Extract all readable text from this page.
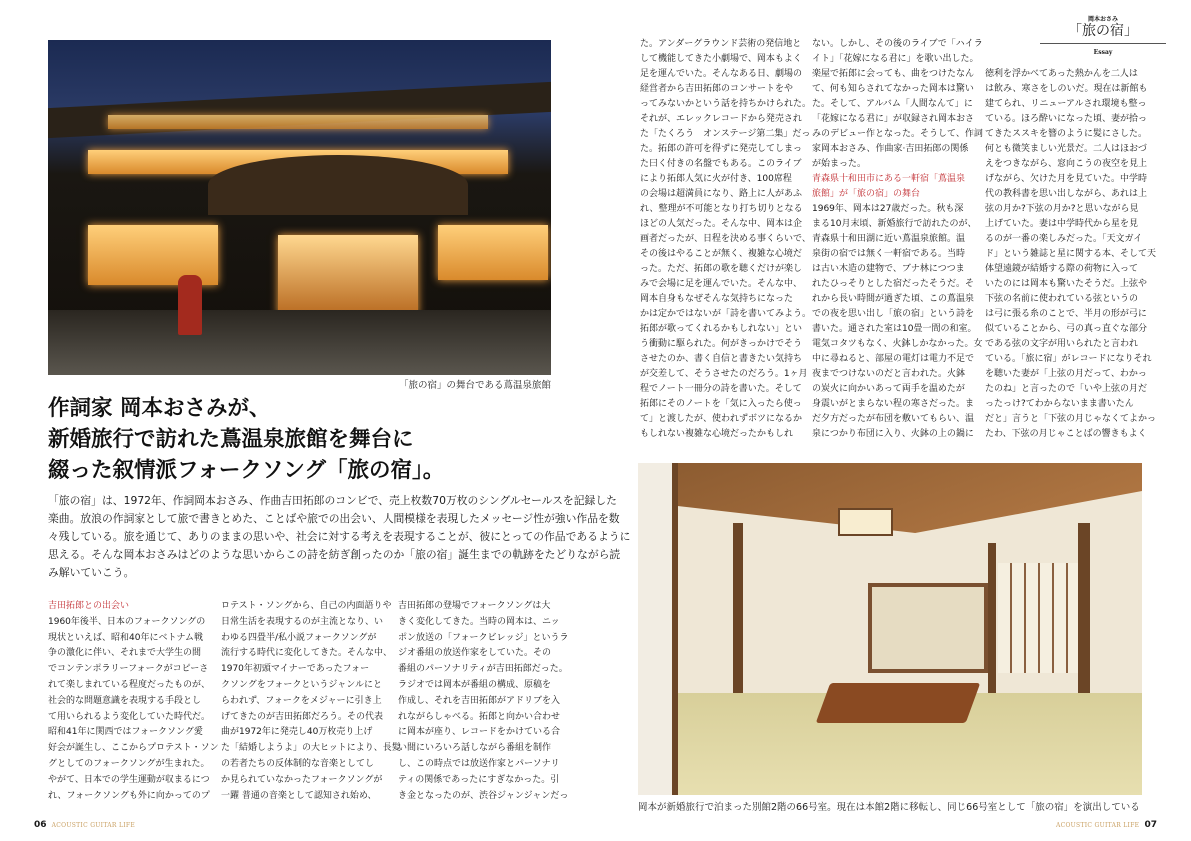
岡本おさみ
「旅の宿」
Essay
「旅の宿」の舞台である蔦温泉旅館
作詞家 岡本おさみが、
新婚旅行で訪れた蔦温泉旅館を舞台に
綴った叙情派フォークソング「旅の宿」。
「旅の宿」は、1972年、作詞岡本おさみ、作曲吉田拓郎のコンビで、売上枚数70万枚のシングルセールスを記録した
楽曲。放浪の作詞家として旅で書きとめた、ことばや旅での出会い、人間模様を表現したメッセージ性が強い作品を数
々残している。旅を通じて、ありのままの思いや、社会に対する考えを表現することが、彼にとっての作品であるように
思える。そんな岡本おさみはどのような思いからこの詩を紡ぎ創ったのか「旅の宿」誕生までの軌跡をたどりながら読
み解いていこう。
吉田拓郎との出会い
1960年後半、日本のフォークソングの
現状といえば、昭和40年にベトナム戦
争の激化に伴い、それまで大学生の間
でコンテンポラリーフォークがコピーさ
れて楽しまれている程度だったものが、
社会的な問題意識を表現する手段とし
て用いられるよう変化していた時代だ。
昭和41年に関西ではフォークソング愛
好会が誕生し、ここからプロテスト・ソン
グとしてのフォークソングが生まれた。
やがて、日本での学生運動が収まるにつ
れ、フォークソングも外に向かってのプ
ロテスト・ソングから、自己の内面語りや
日常生活を表現するのが主流となり、い
わゆる四畳半/私小説フォークソングが
流行する時代に変化してきた。そんな中、
1970年初頭マイナーであったフォー
クソングをフォークというジャンルにと
らわれず、フォークをメジャーに引き上
げてきたのが吉田拓郎だろう。その代表
曲が1972年に発売し40万枚売り上げ
た「結婚しようよ」の大ヒットにより、長髪
の若者たちの反体制的な音楽としてし
か見られていなかったフォークソングが
一躍 普通の音楽として認知され始め、
吉田拓郎の登場でフォークソングは大
きく変化してきた。当時の岡本は、ニッ
ポン放送の「フォークビレッジ」というラ
ジオ番組の放送作家をしていた。その
番組のパーソナリティが吉田拓郎だった。
ラジオでは岡本が番組の構成、原稿を
作成し、それを吉田拓郎がアドリブを入
れながらしゃべる。拓郎と向かい合わせ
に岡本が座り、レコードをかけている合
い間にいろいろ話しながら番組を制作
し、この時点では放送作家とパーソナリ
ティの関係であったにすぎなかった。引
き金となったのが、渋谷ジャンジャンだっ
06 ACOUSTIC GUITAR LIFE
た。アンダーグラウンド芸術の発信地と
して機能してきた小劇場で、岡本もよく
足を運んでいた。そんなある日、劇場の
経営者から吉田拓郎のコンサートをや
ってみないかという話を持ちかけられた。
それが、エレックレコードから発売され
た「たくろう　オンステージ第二集」だっ
た。拓郎の許可を得ずに発売してしまっ
た曰く付きの名盤でもある。このライブ
により拓郎人気に火が付き、100席程
の会場は超満員になり、路上に人があふ
れ、整理が不可能となり打ち切りとなる
ほどの人気だった。そんな中、岡本は企
画者だったが、日程を決める事くらいで、
その後はやることが無く、複雑な心境だ
った。ただ、拓郎の歌を聴くだけが楽し
みで会場に足を運んでいた。そんな中、
岡本自身もなぜそんな気持ちになった
かは定かではないが「詩を書いてみよう。
拓郎が歌ってくれるかもしれない」とい
う衝動に駆られた。何がきっかけでそう
させたのか、書く自信と書きたい気持ち
が交差して、そうさせたのだろう。1ヶ月
程でノート一冊分の詩を書いた。そして
拓郎にそのノートを「気に入ったら使っ
て」と渡したが、使われずボツになるか
もしれない複雑な心境だったかもしれ
ない。しかし、その後のライブで「ハイラ
イト」「花嫁になる君に」を歌い出した。
楽屋で拓郎に会っても、曲をつけたなん
て、何も知らされてなかった岡本は驚い
た。そして、アルバム「人間なんて」に
「花嫁になる君に」が収録され岡本おさ
みのデビュー作となった。そうして、作詞
家岡本おさみ、作曲家·吉田拓郎の関係
が始まった。
青森県十和田市にある一軒宿「蔦温泉
旅館」が「旅の宿」の舞台
1969年、岡本は27歳だった。秋も深
まる10月末頃、新婚旅行で訪れたのが、
青森県十和田湖に近い蔦温泉旅館。温
泉街の宿では無く一軒宿である。当時
は古い木造の建物で、ブナ林につつま
れたひっそりとした宿だったそうだ。そ
れから長い時間が過ぎた頃、この蔦温泉
での夜を思い出し「旅の宿」という詩を
書いた。通された室は10畳一間の和室。
電気コタツもなく、火鉢しかなかった。女
中に尋ねると、部屋の電灯は電力不足で
夜までつけないのだと言われた。火鉢
の炭火に向かいあって両手を温めたが
身震いがとまらない程の寒さだった。ま
だ夕方だったが布団を敷いてもらい、温
泉につかり布団に入り、火鉢の上の鍋に
徳利を浮かべてあった熱かんを二人は
は飲み、寒さをしのいだ。現在は新館も
建てられ、リニューアルされ環境も整っ
ている。ほろ酔いになった頃、妻が拾っ
てきたススキを簪のように髪にさした。
何とも微笑ましい光景だ。二人はほおづ
えをつきながら、窓向こうの夜空を見上
げながら、欠けた月を見ていた。中学時
代の教科書を思い出しながら、あれは上
弦の月か?下弦の月か?と思いながら見
上げていた。妻は中学時代から星を見
るのが一番の楽しみだった。「天文ガイ
ド」という雑誌と星に関する本、そして天
体望遠鏡が結婚する際の荷物に入って
いたのには岡本も驚いたそうだ。上弦や
下弦の名前に使われている弦というの
は弓に張る糸のことで、半月の形が弓に
似ていることから、弓の真っ直ぐな部分
である弦の文字が用いられたと言われ
ている。「旅に宿」がレコードになりそれ
を聴いた妻が「上弦の月だって、わかっ
たのね」と言ったので「いや上弦の月だ
ったっけ?てわからないまま書いたん
だと」言うと「下弦の月じゃなくてよかっ
たわ、下弦の月じゃことばの響きもよく
岡本が新婚旅行で泊まった別館2階の66号室。現在は本館2階に移転し、同じ66号室として「旅の宿」を演出している
ACOUSTIC GUITAR LIFE 07
